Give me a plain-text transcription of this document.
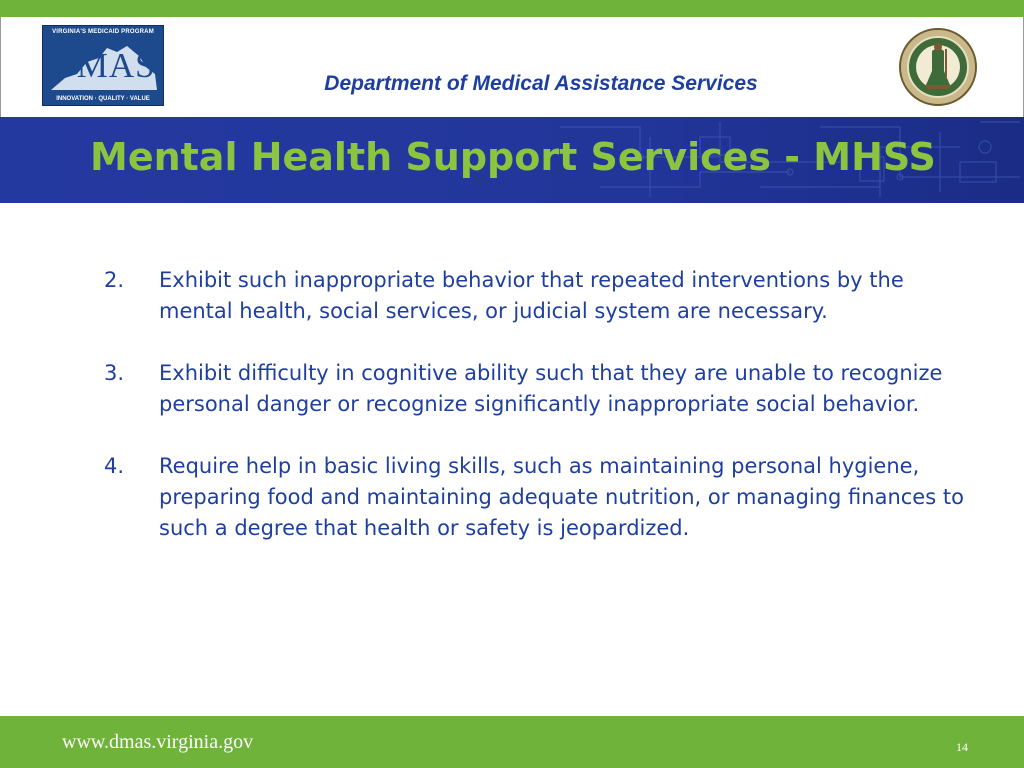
VIRGINIA'S MEDICAID PROGRAM
DMAS
INNOVATION · QUALITY · VALUE
Department of Medical Assistance Services
Mental Health Support Services - MHSS
2. Exhibit such inappropriate behavior that repeated interventions by the mental health, social services, or judicial system are necessary.
3. Exhibit difficulty in cognitive ability such that they are unable to recognize personal danger or recognize significantly inappropriate social behavior.
4. Require help in basic living skills, such as maintaining personal hygiene, preparing food and maintaining adequate nutrition, or managing finances to such a degree that health or safety is jeopardized.
www.dmas.virginia.gov	14
